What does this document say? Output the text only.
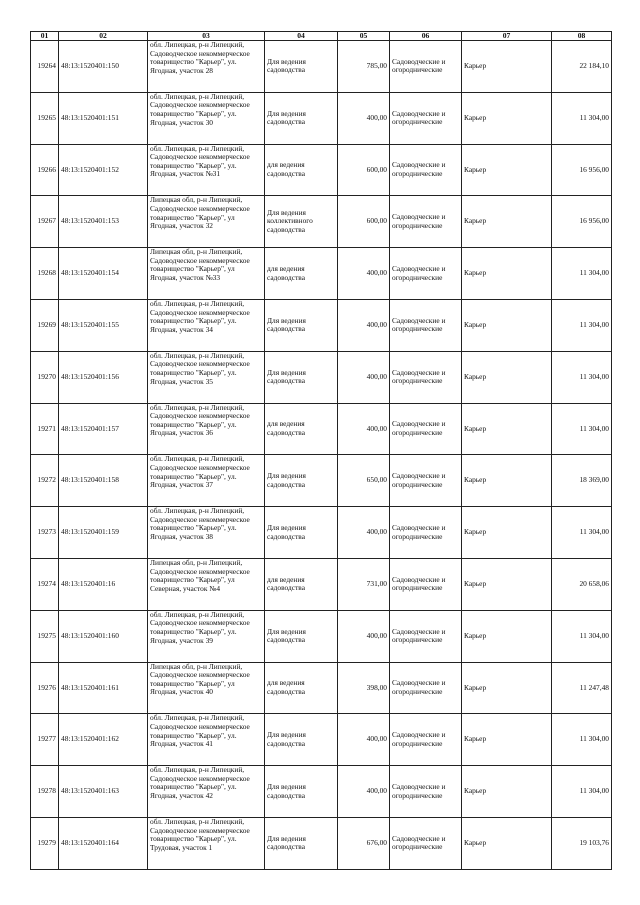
01	02	03	04	05	06	07	08
19264	48:13:1520401:150	обл. Липецкая, р-н Липецкий, Садоводческое некоммерческое товарищество "Карьер", ул. Ягодная, участок 28	Для ведения садоводства	785,00	Садоводческие и огороднические	Карьер	22 184,10
19265	48:13:1520401:151	обл. Липецкая, р-н Липецкий, Садоводческое некоммерческое товарищество "Карьер", ул. Ягодная, участок 30	Для ведения садоводства	400,00	Садоводческие и огороднические	Карьер	11 304,00
19266	48:13:1520401:152	обл. Липецкая, р-н Липецкий, Садоводческое некоммерческое товарищество "Карьер", ул. Ягодная, участок №31	для ведения садоводства	600,00	Садоводческие и огороднические	Карьер	16 956,00
19267	48:13:1520401:153	Липецкая обл, р-н Липецкий, Садоводческое некоммерческое товарищество "Карьер", ул Ягодная, участок 32	Для ведения коллективного садоводства	600,00	Садоводческие и огороднические	Карьер	16 956,00
19268	48:13:1520401:154	Липецкая обл, р-н Липецкий, Садоводческое некоммерческое товарищество "Карьер", ул Ягодная, участок №33	для ведения садоводства	400,00	Садоводческие и огороднические	Карьер	11 304,00
19269	48:13:1520401:155	обл. Липецкая, р-н Липецкий, Садоводческое некоммерческое товарищество "Карьер", ул. Ягодная, участок 34	Для ведения садоводства	400,00	Садоводческие и огороднические	Карьер	11 304,00
19270	48:13:1520401:156	обл. Липецкая, р-н Липецкий, Садоводческое некоммерческое товарищество "Карьер", ул. Ягодная, участок 35	Для ведения садоводства	400,00	Садоводческие и огороднические	Карьер	11 304,00
19271	48:13:1520401:157	обл. Липецкая, р-н Липецкий, Садоводческое некоммерческое товарищество "Карьер", ул. Ягодная, участок 36	для ведения садоводства	400,00	Садоводческие и огороднические	Карьер	11 304,00
19272	48:13:1520401:158	обл. Липецкая, р-н Липецкий, Садоводческое некоммерческое товарищество "Карьер", ул. Ягодная, участок 37	Для ведения садоводства	650,00	Садоводческие и огороднические	Карьер	18 369,00
19273	48:13:1520401:159	обл. Липецкая, р-н Липецкий, Садоводческое некоммерческое товарищество "Карьер", ул. Ягодная, участок 38	Для ведения садоводства	400,00	Садоводческие и огороднические	Карьер	11 304,00
19274	48:13:1520401:16	Липецкая обл, р-н Липецкий, Садоводческое некоммерческое товарищество "Карьер", ул Северная, участок №4	для ведения садоводства	731,00	Садоводческие и огороднические	Карьер	20 658,06
19275	48:13:1520401:160	обл. Липецкая, р-н Липецкий, Садоводческое некоммерческое товарищество "Карьер", ул. Ягодная, участок 39	Для ведения садоводства	400,00	Садоводческие и огороднические	Карьер	11 304,00
19276	48:13:1520401:161	Липецкая обл, р-н Липецкий, Садоводческое некоммерческое товарищество "Карьер", ул Ягодная, участок 40	для ведения садоводства	398,00	Садоводческие и огороднические	Карьер	11 247,48
19277	48:13:1520401:162	обл. Липецкая, р-н Липецкий, Садоводческое некоммерческое товарищество "Карьер", ул. Ягодная, участок 41	Для ведения садоводства	400,00	Садоводческие и огороднические	Карьер	11 304,00
19278	48:13:1520401:163	обл. Липецкая, р-н Липецкий, Садоводческое некоммерческое товарищество "Карьер", ул. Ягодная, участок 42	Для ведения садоводства	400,00	Садоводческие и огороднические	Карьер	11 304,00
19279	48:13:1520401:164	обл. Липецкая, р-н Липецкий, Садоводческое некоммерческое товарищество "Карьер", ул. Трудовая, участок 1	Для ведения садоводства	676,00	Садоводческие и огороднические	Карьер	19 103,76
